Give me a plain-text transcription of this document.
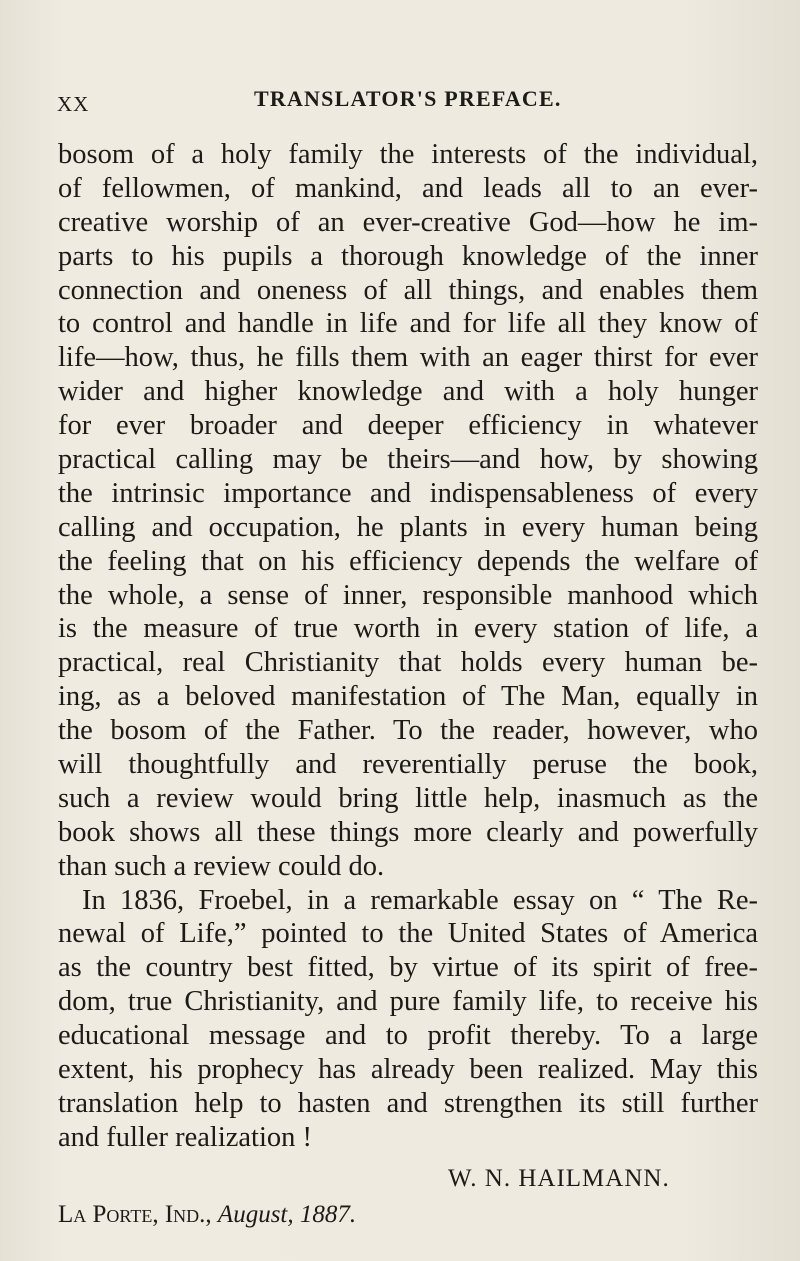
XX	TRANSLATOR'S PREFACE.
bosom of a holy family the interests of the individual,
of fellowmen, of mankind, and leads all to an ever-
creative worship of an ever-creative God—how he im-
parts to his pupils a thorough knowledge of the inner
connection and oneness of all things, and enables them
to control and handle in life and for life all they know of
life—how, thus, he fills them with an eager thirst for ever
wider and higher knowledge and with a holy hunger
for ever broader and deeper efficiency in whatever
practical calling may be theirs—and how, by showing
the intrinsic importance and indispensableness of every
calling and occupation, he plants in every human being
the feeling that on his efficiency depends the welfare of
the whole, a sense of inner, responsible manhood which
is the measure of true worth in every station of life, a
practical, real Christianity that holds every human be-
ing, as a beloved manifestation of The Man, equally in
the bosom of the Father. To the reader, however, who
will thoughtfully and reverentially peruse the book,
such a review would bring little help, inasmuch as the
book shows all these things more clearly and powerfully
than such a review could do.
In 1836, Froebel, in a remarkable essay on “ The Re-
newal of Life,” pointed to the United States of America
as the country best fitted, by virtue of its spirit of free-
dom, true Christianity, and pure family life, to receive his
educational message and to profit thereby. To a large
extent, his prophecy has already been realized. May this
translation help to hasten and strengthen its still further
and fuller realization !
W. N. HAILMANN.
La Porte, Ind., August, 1887.
